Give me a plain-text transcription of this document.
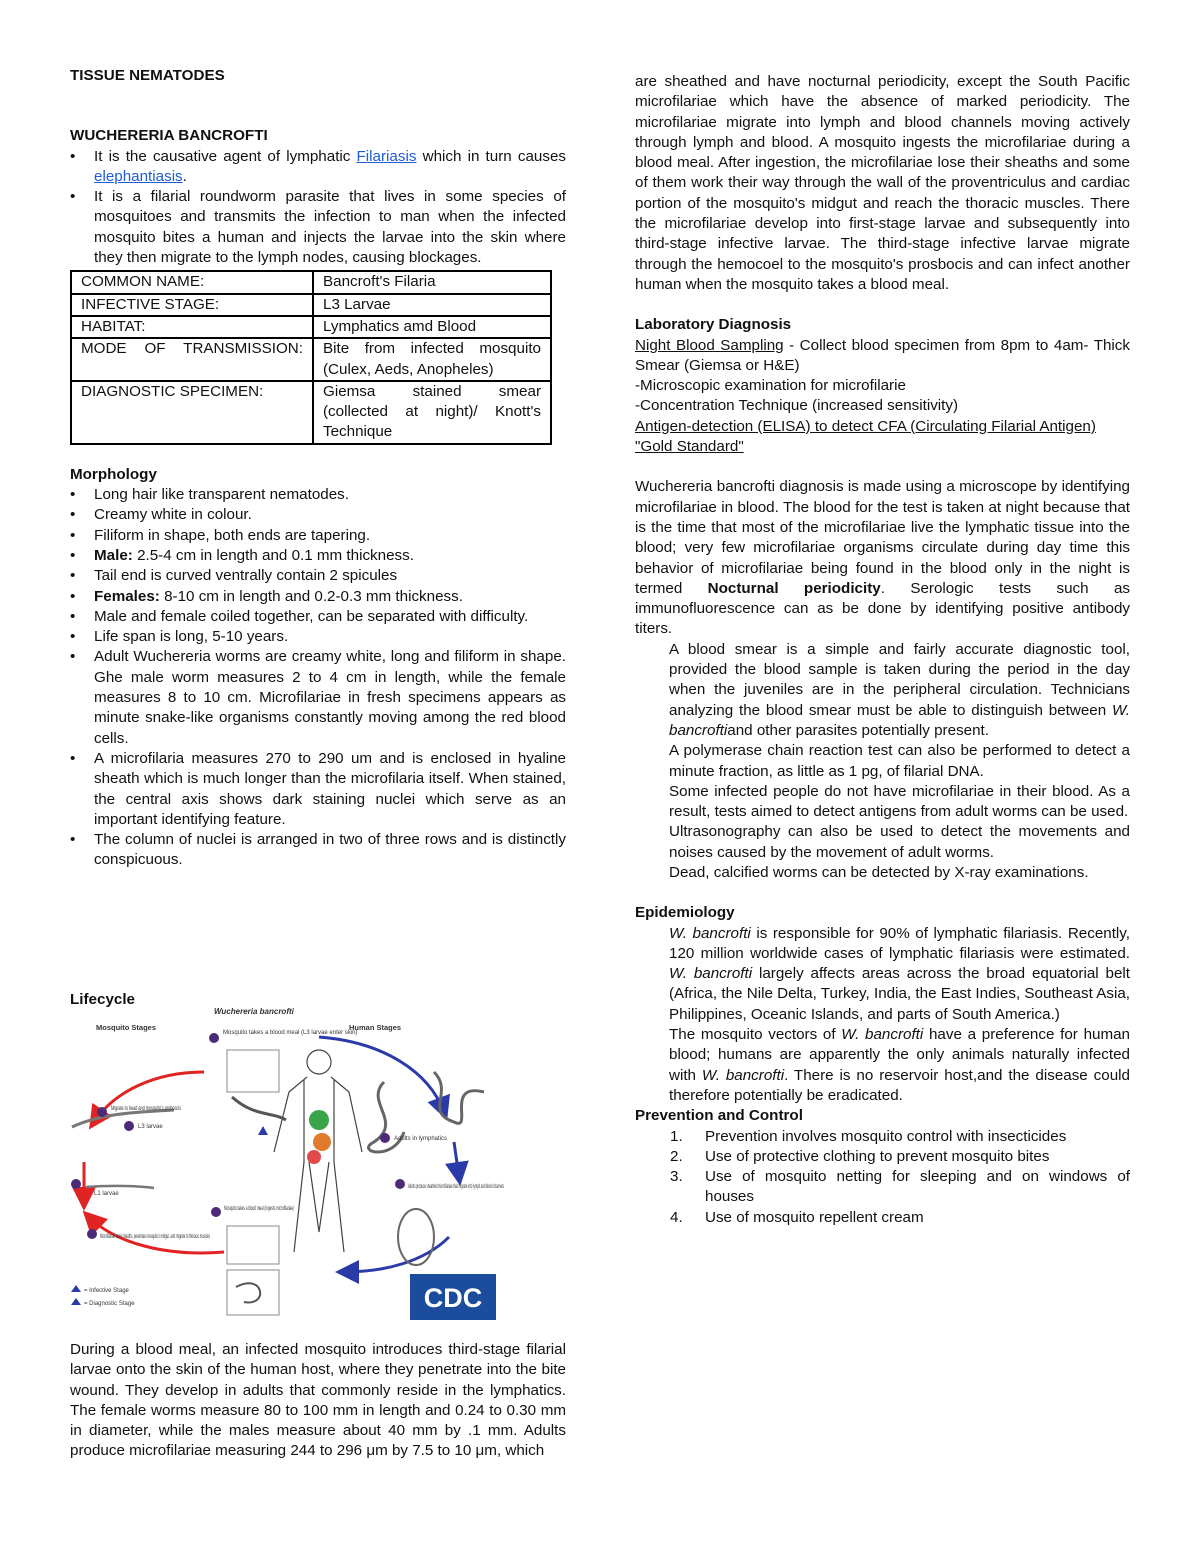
TISSUE NEMATODES
WUCHERERIA BANCROFTI
• It is the causative agent of lymphatic Filariasis which in turn causes elephantiasis.
• It is a filarial roundworm parasite that lives in some species of mosquitoes and transmits the infection to man when the infected mosquito bites a human and injects the larvae into the skin where they then migrate to the lymph nodes, causing blockages.
COMMON NAME:	Bancroft's Filaria
INFECTIVE STAGE:	L3 Larvae
HABITAT:	Lymphatics amd Blood
MODE OF TRANSMISSION:	Bite from infected mosquito (Culex, Aeds, Anopheles)
DIAGNOSTIC SPECIMEN:	Giemsa stained smear (collected at night)/ Knott's Technique
Morphology
• Long hair like transparent nematodes.
• Creamy white in colour.
• Filiform in shape, both ends are tapering.
• Male: 2.5-4 cm in length and 0.1 mm thickness.
• Tail end is curved ventrally contain 2 spicules
• Females: 8-10 cm in length and 0.2-0.3 mm thickness.
• Male and female coiled together, can be separated with difficulty.
• Life span is long, 5-10 years.
• Adult Wuchereria worms are creamy white, long and filiform in shape. Ghe male worm measures 2 to 4 cm in length, while the female measures 8 to 10 cm. Microfilariae in fresh specimens appears as minute snake-like organisms constantly moving among the red blood cells.
• A microfilaria measures 270 to 290 um and is enclosed in hyaline sheath which is much longer than the microfilaria itself. When stained, the central axis shows dark staining nuclei which serve as an important identifying feature.
• The column of nuclei is arranged in two of three rows and is distinctly conspicuous.
Lifecycle
Wuchereria bancrofti
Mosquito Stages	Human Stages
Mosquito takes a blood meal (L3 larvae enter skin)
Adults in lymphatics
Adults produce sheathed microfilariae that migrate into lymph and blood channels
Mosquito takes a blood meal (ingests microfilariae)
Microfilariae shed sheaths, penetrate mosquito's midgut, and migrate to thoracic muscles
L1 larvae
L3 larvae
Migrate to head and mosquito's proboscis
= Infective Stage
= Diagnostic Stage	CDC

During a blood meal, an infected mosquito introduces third-stage filarial larvae onto the skin of the human host, where they penetrate into the bite wound. They develop in adults that commonly reside in the lymphatics. The female worms measure 80 to 100 mm in length and 0.24 to 0.30 mm in diameter, while the males measure about 40 mm by .1 mm. Adults produce microfilariae measuring 244 to 296 μm by 7.5 to 10 μm, which

are sheathed and have nocturnal periodicity, except the South Pacific microfilariae which have the absence of marked periodicity. The microfilariae migrate into lymph and blood channels moving actively through lymph and blood. A mosquito ingests the microfilariae during a blood meal. After ingestion, the microfilariae lose their sheaths and some of them work their way through the wall of the proventriculus and cardiac portion of the mosquito's midgut and reach the thoracic muscles. There the microfilariae develop into first-stage larvae and subsequently into third-stage infective larvae. The third-stage infective larvae migrate through the hemocoel to the mosquito's prosbocis and can infect another human when the mosquito takes a blood meal.

Laboratory Diagnosis
Night Blood Sampling - Collect blood specimen from 8pm to 4am- Thick Smear (Giemsa or H&E)
-Microscopic examination for microfilarie
-Concentration Technique (increased sensitivity)
Antigen-detection (ELISA) to detect CFA (Circulating Filarial Antigen)
"Gold Standard"

Wuchereria bancrofti diagnosis is made using a microscope by identifying microfilariae in blood. The blood for the test is taken at night because that is the time that most of the microfilariae live the lymphatic tissue into the blood; very few microfilariae organisms circulate during day time this behavior of microfilariae being found in the blood only in the night is termed Nocturnal periodicity. Serologic tests such as immunofluorescence can as be done by identifying positive antibody titers.

A blood smear is a simple and fairly accurate diagnostic tool, provided the blood sample is taken during the period in the day when the juveniles are in the peripheral circulation. Technicians analyzing the blood smear must be able to distinguish between W. bancroftiand other parasites potentially present.
A polymerase chain reaction test can also be performed to detect a minute fraction, as little as 1 pg, of filarial DNA.
Some infected people do not have microfilariae in their blood. As a result, tests aimed to detect antigens from adult worms can be used.
Ultrasonography can also be used to detect the movements and noises caused by the movement of adult worms.
Dead, calcified worms can be detected by X-ray examinations.
Epidemiology
W. bancrofti is responsible for 90% of lymphatic filariasis. Recently, 120 million worldwide cases of lymphatic filariasis were estimated. W. bancrofti largely affects areas across the broad equatorial belt (Africa, the Nile Delta, Turkey, India, the East Indies, Southeast Asia, Philippines, Oceanic Islands, and parts of South America.)
The mosquito vectors of W. bancrofti have a preference for human blood; humans are apparently the only animals naturally infected with W. bancrofti. There is no reservoir host,and the disease could therefore potentially be eradicated.
Prevention and Control
1. Prevention involves mosquito control with insecticides
2. Use of protective clothing to prevent mosquito bites
3. Use of mosquito netting for sleeping and on windows of houses
4. Use of mosquito repellent cream
